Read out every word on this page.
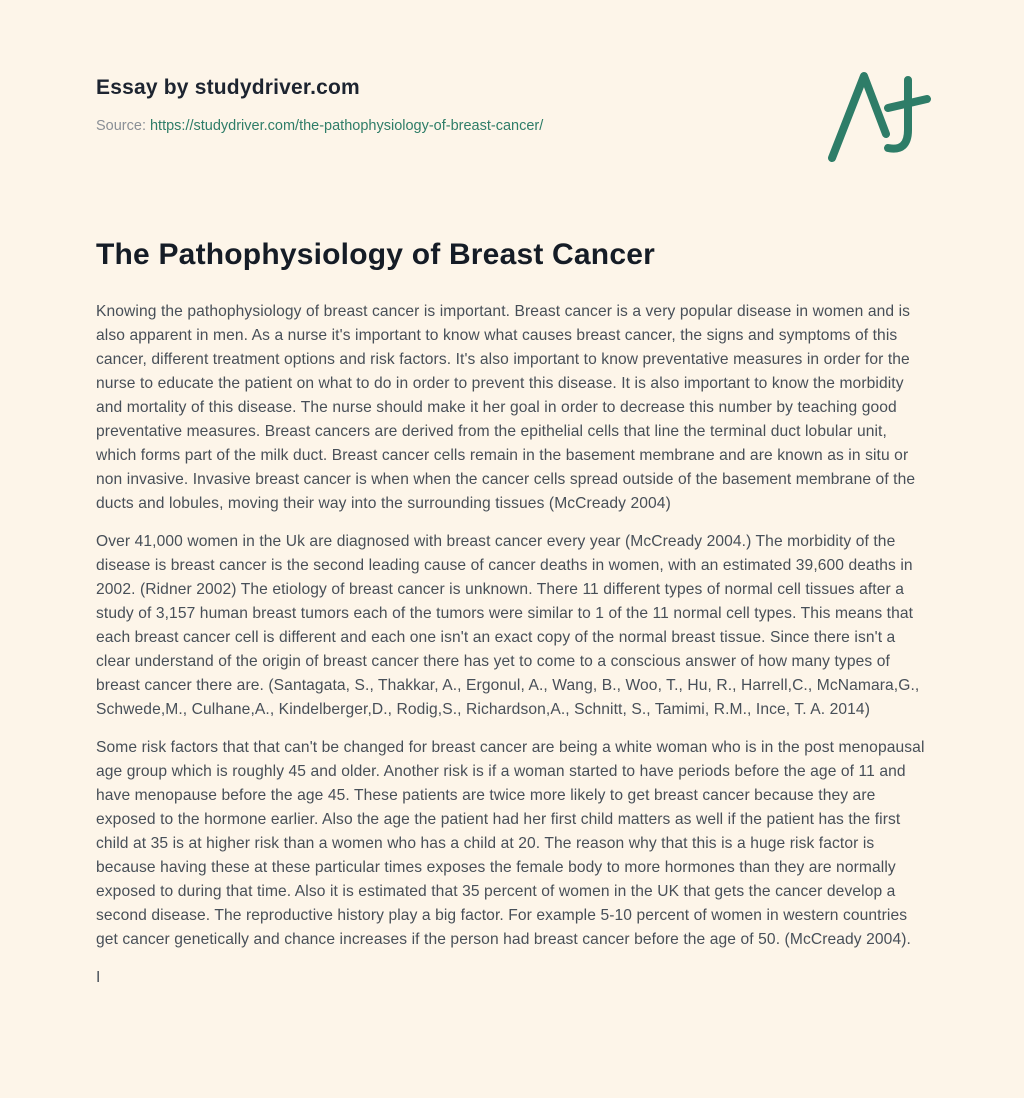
Essay by studydriver.com

Source: https://studydriver.com/the-pathophysiology-of-breast-cancer/

The Pathophysiology of Breast Cancer

Knowing the pathophysiology of breast cancer is important. Breast cancer is a very popular disease in women and is also apparent in men. As a nurse it's important to know what causes breast cancer, the signs and symptoms of this cancer, different treatment options and risk factors. It's also important to know preventative measures in order for the nurse to educate the patient on what to do in order to prevent this disease. It is also important to know the morbidity and mortality of this disease. The nurse should make it her goal in order to decrease this number by teaching good preventative measures. Breast cancers are derived from the epithelial cells that line the terminal duct lobular unit, which forms part of the milk duct. Breast cancer cells remain in the basement membrane and are known as in situ or non invasive. Invasive breast cancer is when when the cancer cells spread outside of the basement membrane of the ducts and lobules, moving their way into the surrounding tissues (McCready 2004)

Over 41,000 women in the Uk are diagnosed with breast cancer every year (McCready 2004.) The morbidity of the disease is breast cancer is the second leading cause of cancer deaths in women, with an estimated 39,600 deaths in 2002. (Ridner 2002) The etiology of breast cancer is unknown. There 11 different types of normal cell tissues after a study of 3,157 human breast tumors each of the tumors were similar to 1 of the 11 normal cell types. This means that each breast cancer cell is different and each one isn't an exact copy of the normal breast tissue. Since there isn't a clear understand of the origin of breast cancer there has yet to come to a conscious answer of how many types of breast cancer there are. (Santagata, S., Thakkar, A., Ergonul, A., Wang, B., Woo, T., Hu, R., Harrell,C., McNamara,G., Schwede,M., Culhane,A., Kindelberger,D., Rodig,S., Richardson,A., Schnitt, S., Tamimi, R.M., Ince, T. A. 2014)

Some risk factors that that can't be changed for breast cancer are being a white woman who is in the post menopausal age group which is roughly 45 and older. Another risk is if a woman started to have periods before the age of 11 and have menopause before the age 45. These patients are twice more likely to get breast cancer because they are exposed to the hormone earlier. Also the age the patient had her first child matters as well if the patient has the first child at 35 is at higher risk than a women who has a child at 20. The reason why that this is a huge risk factor is because having these at these particular times exposes the female body to more hormones than they are normally exposed to during that time. Also it is estimated that 35 percent of women in the UK that gets the cancer develop a second disease. The reproductive history play a big factor. For example 5-10 percent of women in western countries get cancer genetically and chance increases if the person had breast cancer before the age of 50. (McCready 2004).

I
